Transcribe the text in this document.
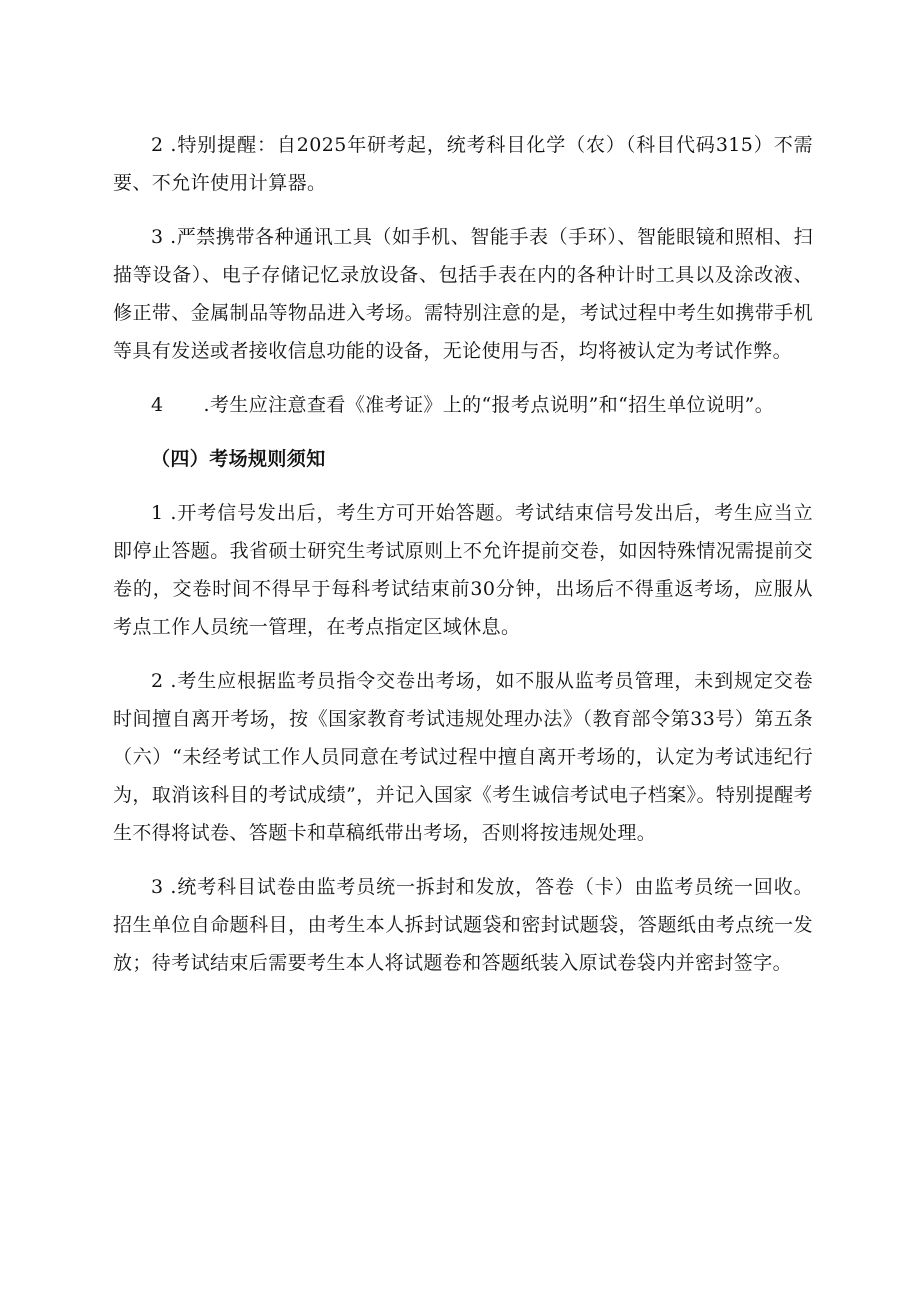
2 .特别提醒：自2025年研考起，统考科目化学（农）（科目代码315）不需要、不允许使用计算器。

3 .严禁携带各种通讯工具（如手机、智能手表（手环）、智能眼镜和照相、扫描等设备）、电子存储记忆录放设备、包括手表在内的各种计时工具以及涂改液、修正带、金属制品等物品进入考场。需特别注意的是，考试过程中考生如携带手机等具有发送或者接收信息功能的设备，无论使用与否，均将被认定为考试作弊。

4 .考生应注意查看《准考证》上的“报考点说明”和“招生单位说明”。

（四）考场规则须知

1 .开考信号发出后，考生方可开始答题。考试结束信号发出后，考生应当立即停止答题。我省硕士研究生考试原则上不允许提前交卷，如因特殊情况需提前交卷的，交卷时间不得早于每科考试结束前30分钟，出场后不得重返考场，应服从考点工作人员统一管理，在考点指定区域休息。

2 .考生应根据监考员指令交卷出考场，如不服从监考员管理，未到规定交卷时间擅自离开考场，按《国家教育考试违规处理办法》（教育部令第33号）第五条（六）“未经考试工作人员同意在考试过程中擅自离开考场的，认定为考试违纪行为，取消该科目的考试成绩”，并记入国家《考生诚信考试电子档案》。特别提醒考生不得将试卷、答题卡和草稿纸带出考场，否则将按违规处理。

3 .统考科目试卷由监考员统一拆封和发放，答卷（卡）由监考员统一回收。招生单位自命题科目，由考生本人拆封试题袋和密封试题袋，答题纸由考点统一发放；待考试结束后需要考生本人将试题卷和答题纸装入原试卷袋内并密封签字。
